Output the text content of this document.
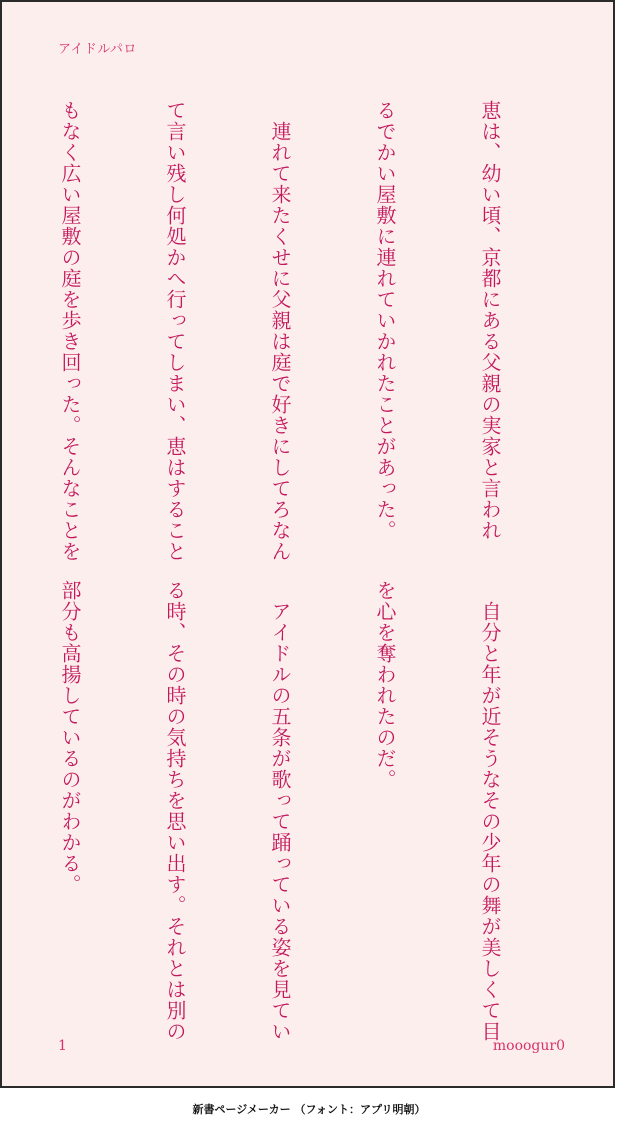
アイドルパロ

恵は、幼い頃、京都にある父親の実家と言われ

るでかい屋敷に連れていかれたことがあった。

　連れて来たくせに父親は庭で好きにしてろなん

て言い残し何処かへ行ってしまい、恵はすること

もなく広い屋敷の庭を歩き回った。そんなことを

　自分と年が近そうなその少年の舞が美しくて目

を心を奪われたのだ。

　アイドルの五条が歌って踊っている姿を見てい

る時、その時の気持ちを思い出す。それとは別の

部分も高揚しているのがわかる。

1	mooogur0
新書ページメーカー （フォント：アプリ明朝）
